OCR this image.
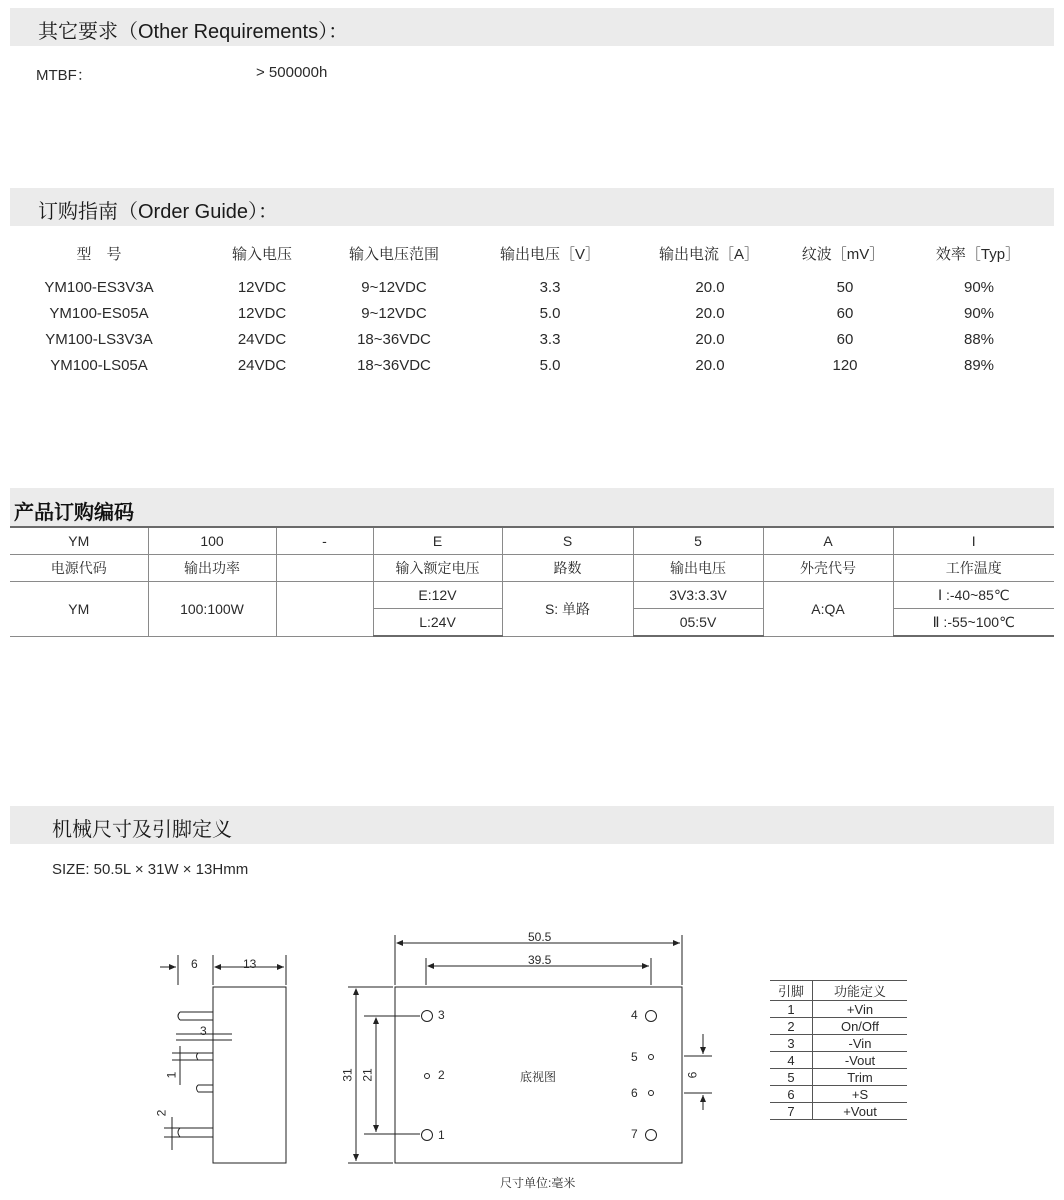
其它要求（Other Requirements）：
MTBF：	> 500000h
订购指南（Order Guide）：
型　号	输入电压	输入电压范围	输出电压［V］	输出电流［A］	纹波［mV］	效率［Typ］
YM100-ES3V3A	12VDC	9~12VDC	3.3	20.0	50	90%
YM100-ES05A	12VDC	9~12VDC	5.0	20.0	60	90%
YM100-LS3V3A	24VDC	18~36VDC	3.3	20.0	60	88%
YM100-LS05A	24VDC	18~36VDC	5.0	20.0	120	89%
产品订购编码
YM	100	-	E	S	5	A	I
电源代码	输出功率		输入额定电压	路数	输出电压	外壳代号	工作温度
YM	100:100W		E:12V	S: 单路	3V3:3.3V	A:QA	Ⅰ :-40~85℃
			L:24V		05:5V		Ⅱ :-55~100℃
机械尺寸及引脚定义
SIZE: 50.5L × 31W × 13Hmm
6	13
3
1
2
50.5
39.5
31 21	6
3
2
1
4
5
6
7
底视图
尺寸单位:毫米
引脚	功能定义
1	+Vin
2	On/Off
3	-Vin
4	-Vout
5	Trim
6	+S
7	+Vout
